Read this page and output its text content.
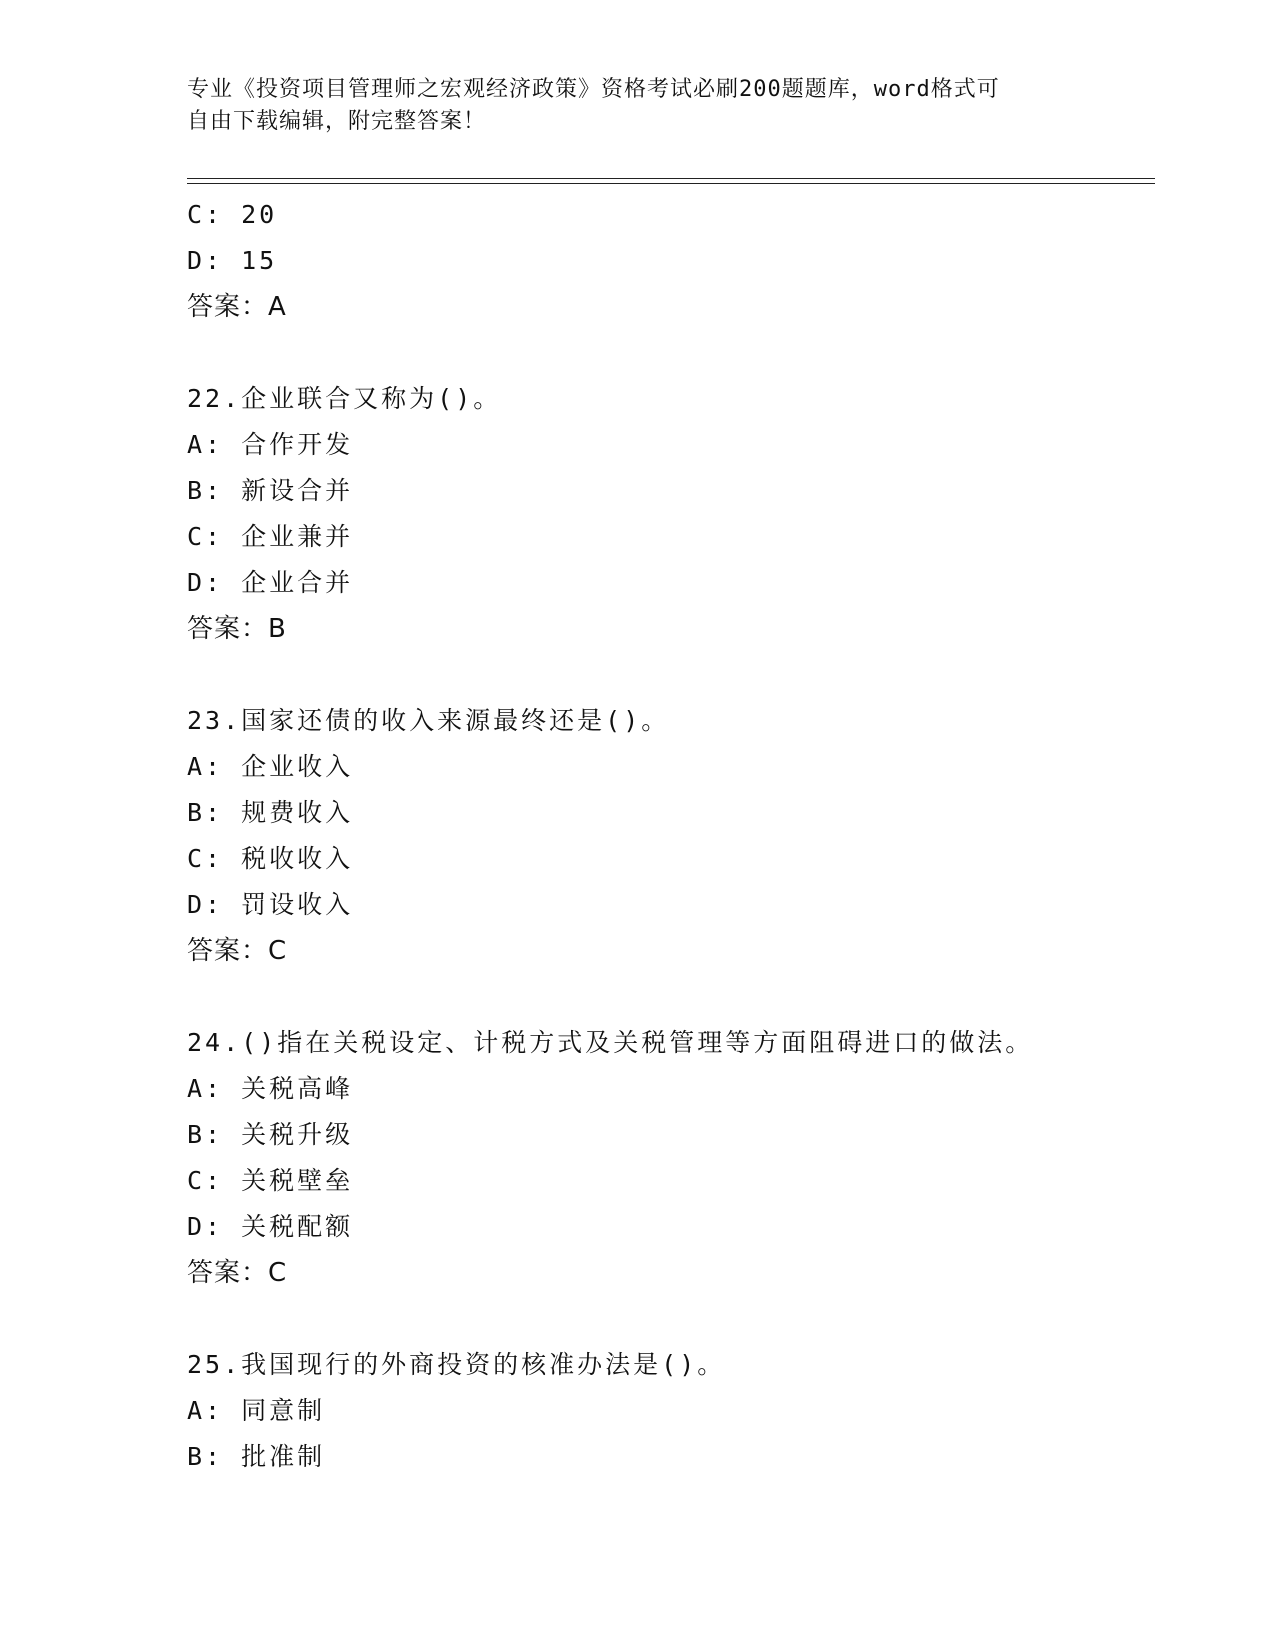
专业《投资项目管理师之宏观经济政策》资格考试必刷200题题库，word格式可
自由下载编辑，附完整答案！
C: 20
D: 15
答案：A
22.企业联合又称为()。
A: 合作开发
B: 新设合并
C: 企业兼并
D: 企业合并
答案：B
23.国家还债的收入来源最终还是()。
A: 企业收入
B: 规费收入
C: 税收收入
D: 罚设收入
答案：C
24.()指在关税设定、计税方式及关税管理等方面阻碍进口的做法。
A: 关税高峰
B: 关税升级
C: 关税壁垒
D: 关税配额
答案：C
25.我国现行的外商投资的核准办法是()。
A: 同意制
B: 批准制
